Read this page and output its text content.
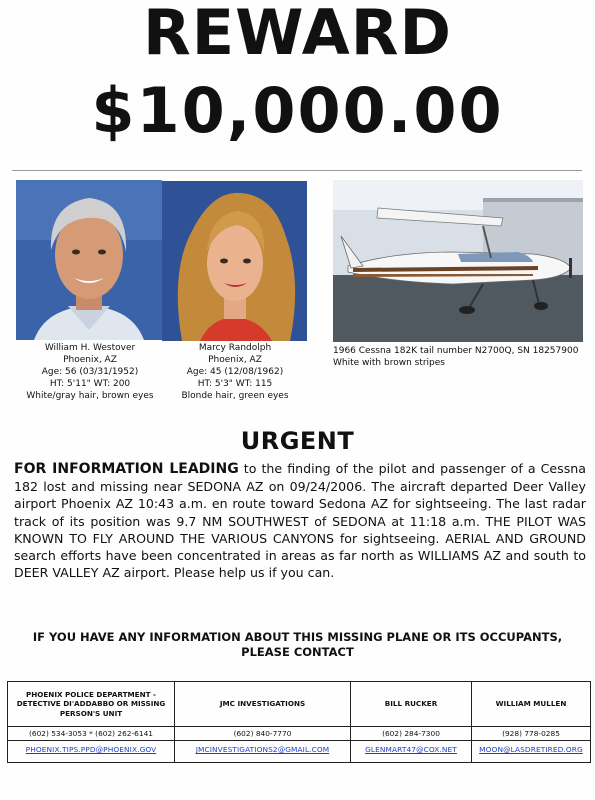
REWARD
$10,000.00
William H. Westover
Phoenix, AZ
Age: 56 (03/31/1952)
HT: 5'11" WT: 200
White/gray hair, brown eyes
Marcy Randolph
Phoenix, AZ
Age: 45 (12/08/1962)
HT: 5'3" WT: 115
Blonde hair, green eyes
1966 Cessna 182K tail number N2700Q, SN 18257900
White with brown stripes
URGENT
FOR INFORMATION LEADING to the finding of the pilot and passenger of a Cessna 182 lost and missing near SEDONA AZ on 09/24/2006. The aircraft departed Deer Valley airport Phoenix AZ 10:43 a.m. en route toward Sedona AZ for sightseeing. The last radar track of its position was 9.7 NM SOUTHWEST of SEDONA at 11:18 a.m. THE PILOT WAS KNOWN TO FLY AROUND THE VARIOUS CANYONS for sightseeing. AERIAL AND GROUND search efforts have been concentrated in areas as far north as WILLIAMS AZ and south to DEER VALLEY AZ airport. Please help us if you can.
IF YOU HAVE ANY INFORMATION ABOUT THIS MISSING PLANE OR ITS OCCUPANTS,
PLEASE CONTACT
PHOENIX POLICE DEPARTMENT - DETECTIVE DI'ADDABBO OR MISSING PERSON'S UNIT
(602) 534-3053 * (602) 262-6141
PHOENIX.TIPS.PPD@PHOENIX.GOV
JMC INVESTIGATIONS
(602) 840-7770
JMCINVESTIGATIONS2@GMAIL.COM
BILL RUCKER
(602) 284-7300
GLENMART47@COX.NET
WILLIAM MULLEN
(928) 778-0285
MOON@LASDRETIRED.ORG
